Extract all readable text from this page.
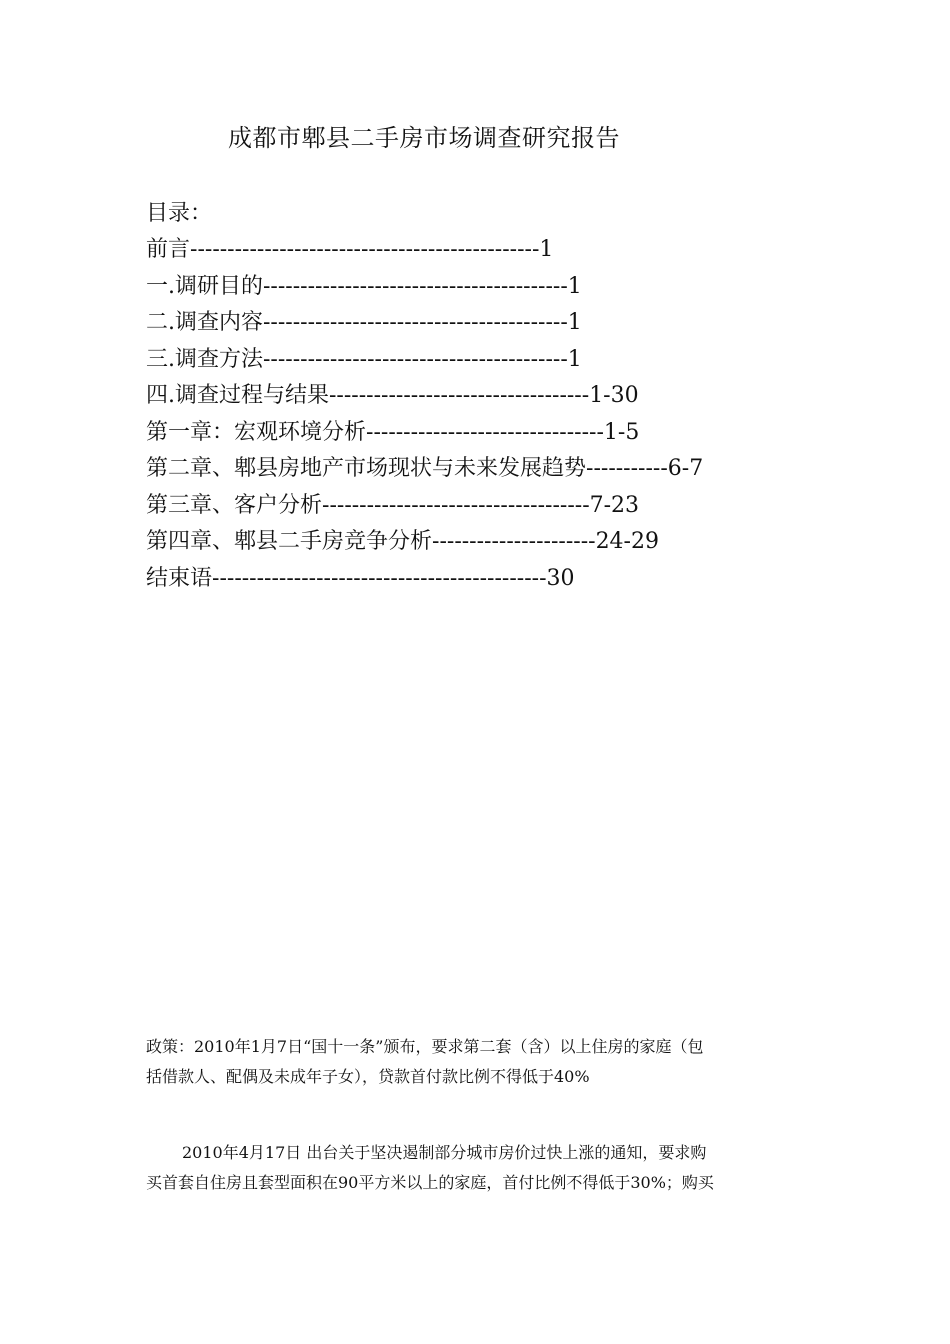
成都市郫县二手房市场调查研究报告
目录：
前言-----------------------------------------------1
一.调研目的-----------------------------------------1
二.调查内容-----------------------------------------1
三.调查方法-----------------------------------------1
四.调查过程与结果-----------------------------------1-30
第一章：宏观环境分析--------------------------------1-5
第二章、郫县房地产市场现状与未来发展趋势-----------6-7
第三章、客户分析------------------------------------7-23
第四章、郫县二手房竞争分析----------------------24-29
结束语---------------------------------------------30
政策：2010年1月7日“国十一条”颁布，要求第二套（含）以上住房的家庭（包
括借款人、配偶及未成年子女），贷款首付款比例不得低于40%
2010年4月17日 出台关于坚决遏制部分城市房价过快上涨的通知，要求购
买首套自住房且套型面积在90平方米以上的家庭，首付比例不得低于30%；购买
